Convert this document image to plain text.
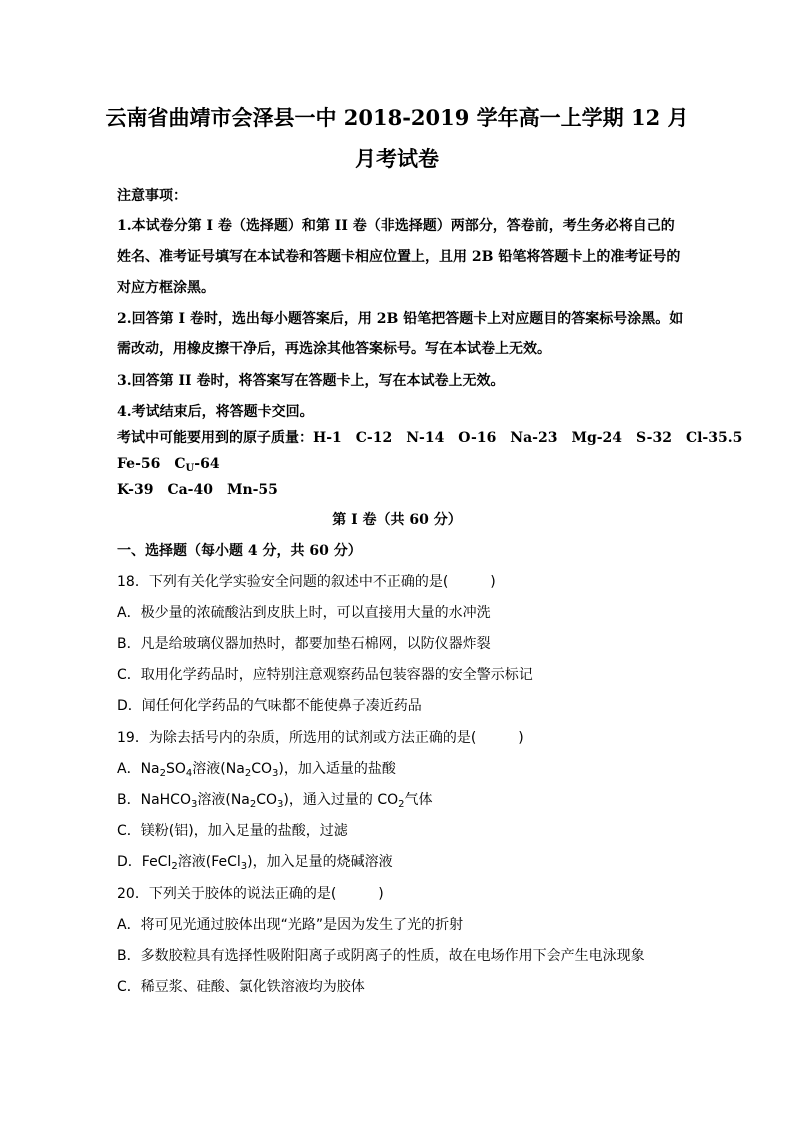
云南省曲靖市会泽县一中 2018-2019 学年高一上学期 12 月
月考试卷
注意事项：
1.本试卷分第 I 卷（选择题）和第 II 卷（非选择题）两部分，答卷前，考生务必将自己的
姓名、准考证号填写在本试卷和答题卡相应位置上，且用 2B 铅笔将答题卡上的准考证号的
对应方框涂黑。
2.回答第 I 卷时，选出每小题答案后，用 2B 铅笔把答题卡上对应题目的答案标号涂黑。如
需改动，用橡皮擦干净后，再选涂其他答案标号。写在本试卷上无效。
3.回答第 II 卷时，将答案写在答题卡上，写在本试卷上无效。
4.考试结束后，将答题卡交回。
考试中可能要用到的原子质量：H-1　C-12　N-14　O-16　Na-23　Mg-24　S-32　Cl-35.5
Fe-56　$C_U-64$
K-39　Ca-40　Mn-55
第 I 卷（共 60 分）
一、选择题（每小题 4 分，共 60 分）
18．下列有关化学实验安全问题的叙述中不正确的是(　　　)
A．极少量的浓硫酸沾到皮肤上时，可以直接用大量的水冲洗
B．凡是给玻璃仪器加热时，都要加垫石棉网，以防仪器炸裂
C．取用化学药品时，应特别注意观察药品包装容器的安全警示标记
D．闻任何化学药品的气味都不能使鼻子凑近药品
19．为除去括号内的杂质，所选用的试剂或方法正确的是(　　　)
A．$Na_2SO_4$溶液$(Na_2CO_3)$，加入适量的盐酸
B．NaHCO$_3$溶液$(Na_2CO_3)$，通入过量的 $CO_2$气体
C．镁粉(铝)，加入足量的盐酸，过滤
D．FeCl$_2$溶液(FeCl$_3$)，加入足量的烧碱溶液
20．下列关于胶体的说法正确的是(　　　)
A．将可见光通过胶体出现“光路”是因为发生了光的折射
B．多数胶粒具有选择性吸附阳离子或阴离子的性质，故在电场作用下会产生电泳现象
C．稀豆浆、硅酸、氯化铁溶液均为胶体
